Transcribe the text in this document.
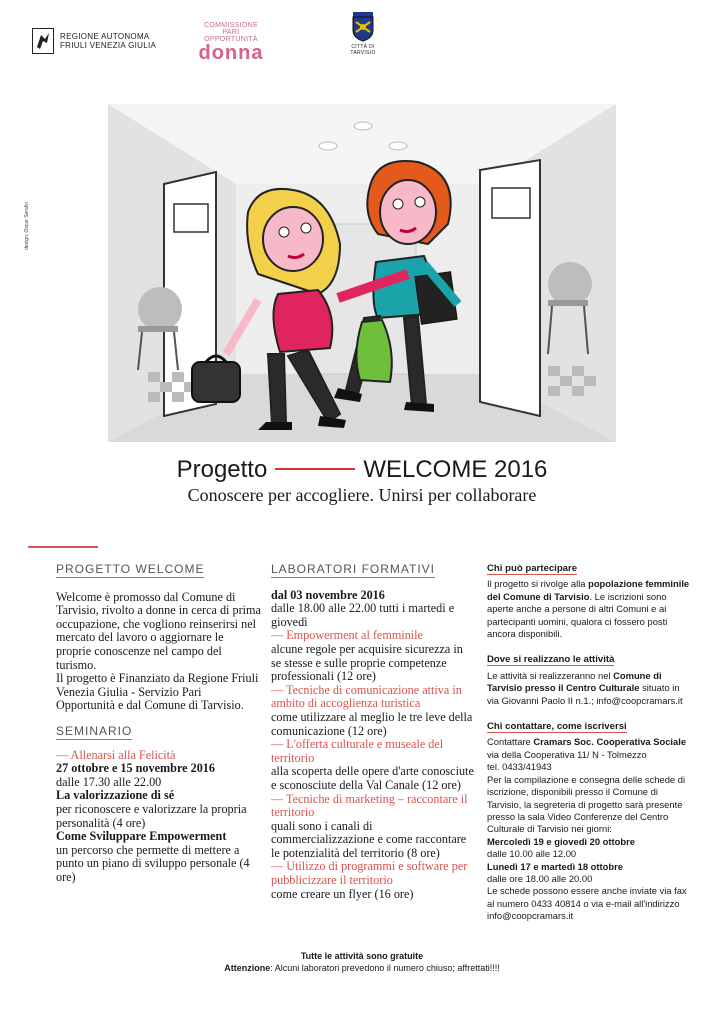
REGIONE AUTONOMA
FRIULI VENEZIA GIULIA
COMMISSIONE
PARI OPPORTUNITÀ
donna	CITTÀ DI TARVISIO
design: Oscar Serafin
Progetto	WELCOME 2016
Conoscere per accogliere. Unirsi per collaborare
PROGETTO WELCOME
Welcome è promosso dal Comune di Tarvisio, rivolto a donne in cerca di prima occupazione, che vogliono reinserirsi nel mercato del lavoro o aggiornare le proprie conoscenze nel campo del turismo.
Il progetto è Finanziato da Regione Friuli Venezia Giulia - Servizio Pari Opportunità e dal Comune di Tarvisio.
SEMINARIO
— Allenarsi alla Felicità
27 ottobre e 15 novembre 2016
dalle 17.30 alle 22.00
La valorizzazione di sé
per riconoscere e valorizzare la propria personalità (4 ore)
Come Sviluppare Empowerment
un percorso che permette di mettere a punto un piano di sviluppo personale (4 ore)
LABORATORI FORMATIVI
dal 03 novembre 2016
dalle 18.00 alle 22.00 tutti i martedì e giovedì
— Empowerment al femminile
alcune regole per acquisire sicurezza in se stesse e sulle proprie competenze professionali (12 ore)
— Tecniche di comunicazione attiva in ambito di accoglienza turistica
come utilizzare al meglio le tre leve della comunicazione (12 ore)
— L'offerta culturale e museale del territorio
alla scoperta delle opere d'arte conosciute e sconosciute della Val Canale (12 ore)
— Tecniche di marketing – raccontare il territorio
quali sono i canali di commercializzazione e come raccontare le potenzialità del territorio (8 ore)
— Utilizzo di programmi e software per pubblicizzare il territorio
come creare un flyer (16 ore)
Chi può partecipare
Il progetto si rivolge alla popolazione femminile del Comune di Tarvisio. Le iscrizioni sono aperte anche a persone di altri Comuni e ai partecipanti uomini, qualora ci fossero posti ancora disponibili.
Dove si realizzano le attività
Le attività si realizzeranno nel Comune di Tarvisio presso il Centro Culturale situato in via Giovanni Paolo II n.1.; info@coopcramars.it
Chi contattare, come iscriversi
Contattare Cramars Soc. Cooperativa Sociale
via della Cooperativa 11/ N - Tolmezzo
tel. 0433/41943
Per la compilazione e consegna delle schede di iscrizione, disponibili presso il Comune di Tarvisio, la segreteria di progetto sarà presente presso la sala Video Conferenze del Centro Culturale di Tarvisio nei giorni:
Mercoledì 19 e giovedì 20 ottobre
dalle 10.00 alle 12.00
Lunedì 17 e martedì 18 ottobre
dalle ore 18.00 alle 20.00
Le schede possono essere anche inviate via fax al numero 0433 40814 o via e-mail all'indirizzo info@coopcramars.it
Tutte le attività sono gratuite
Attenzione: Alcuni laboratori prevedono il numero chiuso; affrettati!!!!
